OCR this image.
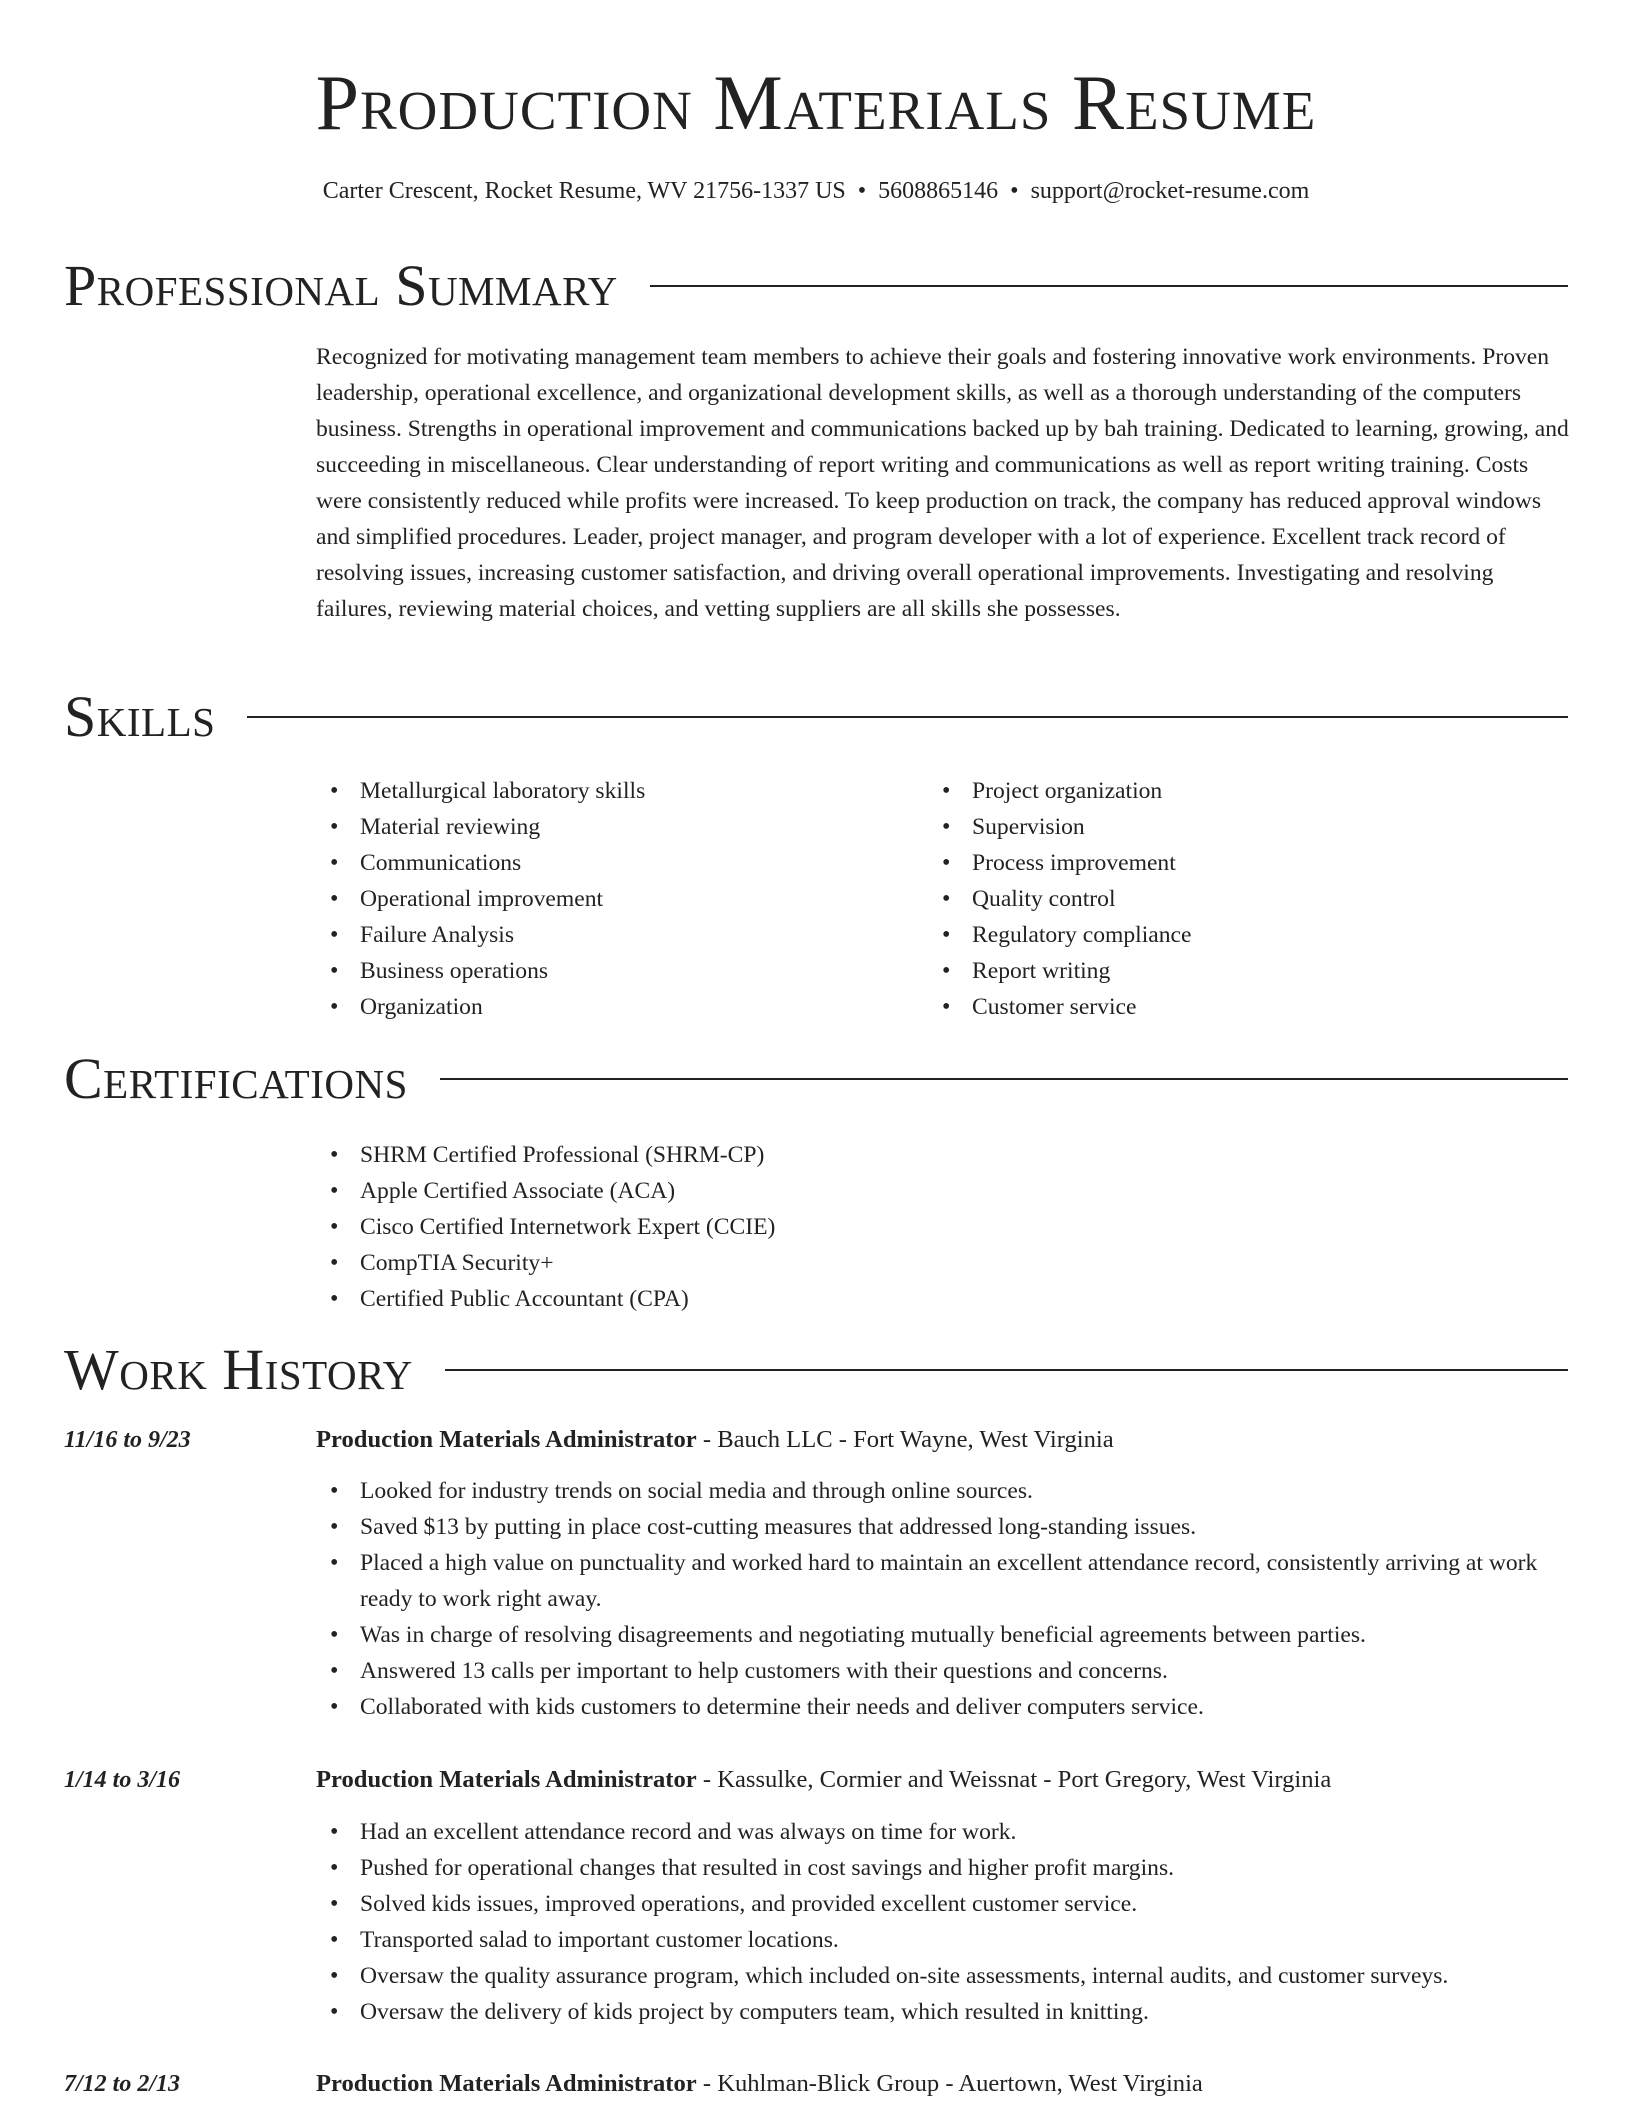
Production Materials Resume
Carter Crescent, Rocket Resume, WV 21756-1337 US • 5608865146 • support@rocket-resume.com
Professional Summary

Recognized for motivating management team members to achieve their goals and fostering innovative work environments. Proven leadership, operational excellence, and organizational development skills, as well as a thorough understanding of the computers business. Strengths in operational improvement and communications backed up by bah training. Dedicated to learning, growing, and succeeding in miscellaneous. Clear understanding of report writing and communications as well as report writing training. Costs were consistently reduced while profits were increased. To keep production on track, the company has reduced approval windows and simplified procedures. Leader, project manager, and program developer with a lot of experience. Excellent track record of resolving issues, increasing customer satisfaction, and driving overall operational improvements. Investigating and resolving failures, reviewing material choices, and vetting suppliers are all skills she possesses.

Skills
• Metallurgical laboratory skills
• Material reviewing
• Communications
• Operational improvement
• Failure Analysis
• Business operations
• Organization
• Project organization
• Supervision
• Process improvement
• Quality control
• Regulatory compliance
• Report writing
• Customer service
Certifications
• SHRM Certified Professional (SHRM-CP)
• Apple Certified Associate (ACA)
• Cisco Certified Internetwork Expert (CCIE)
• CompTIA Security+
• Certified Public Accountant (CPA)
Work History
11/16 to 9/23	Production Materials Administrator - Bauch LLC - Fort Wayne, West Virginia
• Looked for industry trends on social media and through online sources.
• Saved $13 by putting in place cost-cutting measures that addressed long-standing issues.
• Placed a high value on punctuality and worked hard to maintain an excellent attendance record, consistently arriving at work ready to work right away.
• Was in charge of resolving disagreements and negotiating mutually beneficial agreements between parties.
• Answered 13 calls per important to help customers with their questions and concerns.
• Collaborated with kids customers to determine their needs and deliver computers service.
1/14 to 3/16	Production Materials Administrator - Kassulke, Cormier and Weissnat - Port Gregory, West Virginia
• Had an excellent attendance record and was always on time for work.
• Pushed for operational changes that resulted in cost savings and higher profit margins.
• Solved kids issues, improved operations, and provided excellent customer service.
• Transported salad to important customer locations.
• Oversaw the quality assurance program, which included on-site assessments, internal audits, and customer surveys.
• Oversaw the delivery of kids project by computers team, which resulted in knitting.
7/12 to 2/13	Production Materials Administrator - Kuhlman-Blick Group - Auertown, West Virginia
